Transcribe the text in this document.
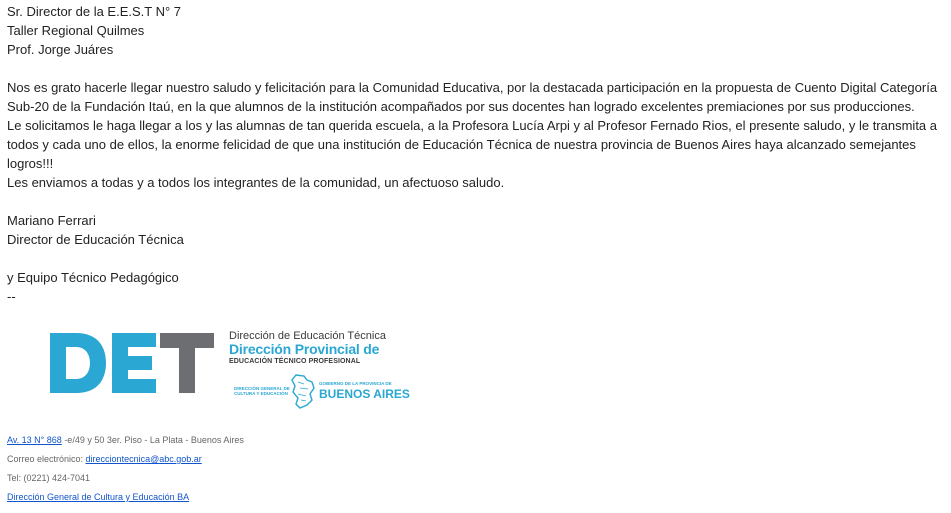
Sr. Director de la E.E.S.T N° 7

Taller Regional Quilmes

Prof. Jorge Juáres

Nos es grato hacerle llegar nuestro saludo y felicitación para la Comunidad Educativa, por la destacada participación en la propuesta de Cuento Digital Categoría Sub-20 de la Fundación Itaú, en la que alumnos de la institución acompañados por sus docentes han logrado excelentes premiaciones por sus producciones.

Le solicitamos le haga llegar a los y las alumnas de tan querida escuela, a la Profesora Lucía Arpi y al Profesor Fernado Rios, el presente saludo, y le transmita a todos y cada uno de ellos, la enorme felicidad de que una institución de Educación Técnica de nuestra provincia de Buenos Aires haya alcanzado semejantes logros!!!

Les enviamos a todas y a todos los integrantes de la comunidad, un afectuoso saludo.

Mariano Ferrari

Director de Educación Técnica

y Equipo Técnico Pedagógico

--

Dirección de Educación Técnica
Dirección Provincial de
EDUCACIÓN TÉCNICO PROFESIONAL
DIRECCIÓN GENERAL DE CULTURA Y EDUCACIÓN
GOBIERNO DE LA PROVINCIA DE
BUENOS AIRES
Av. 13 N° 868 -e/49 y 50 3er. Piso - La Plata - Buenos Aires
Correo electrónico: direcciontecnica@abc.gob.ar
Tel: (0221) 424-7041
Dirección General de Cultura y Educación BA
